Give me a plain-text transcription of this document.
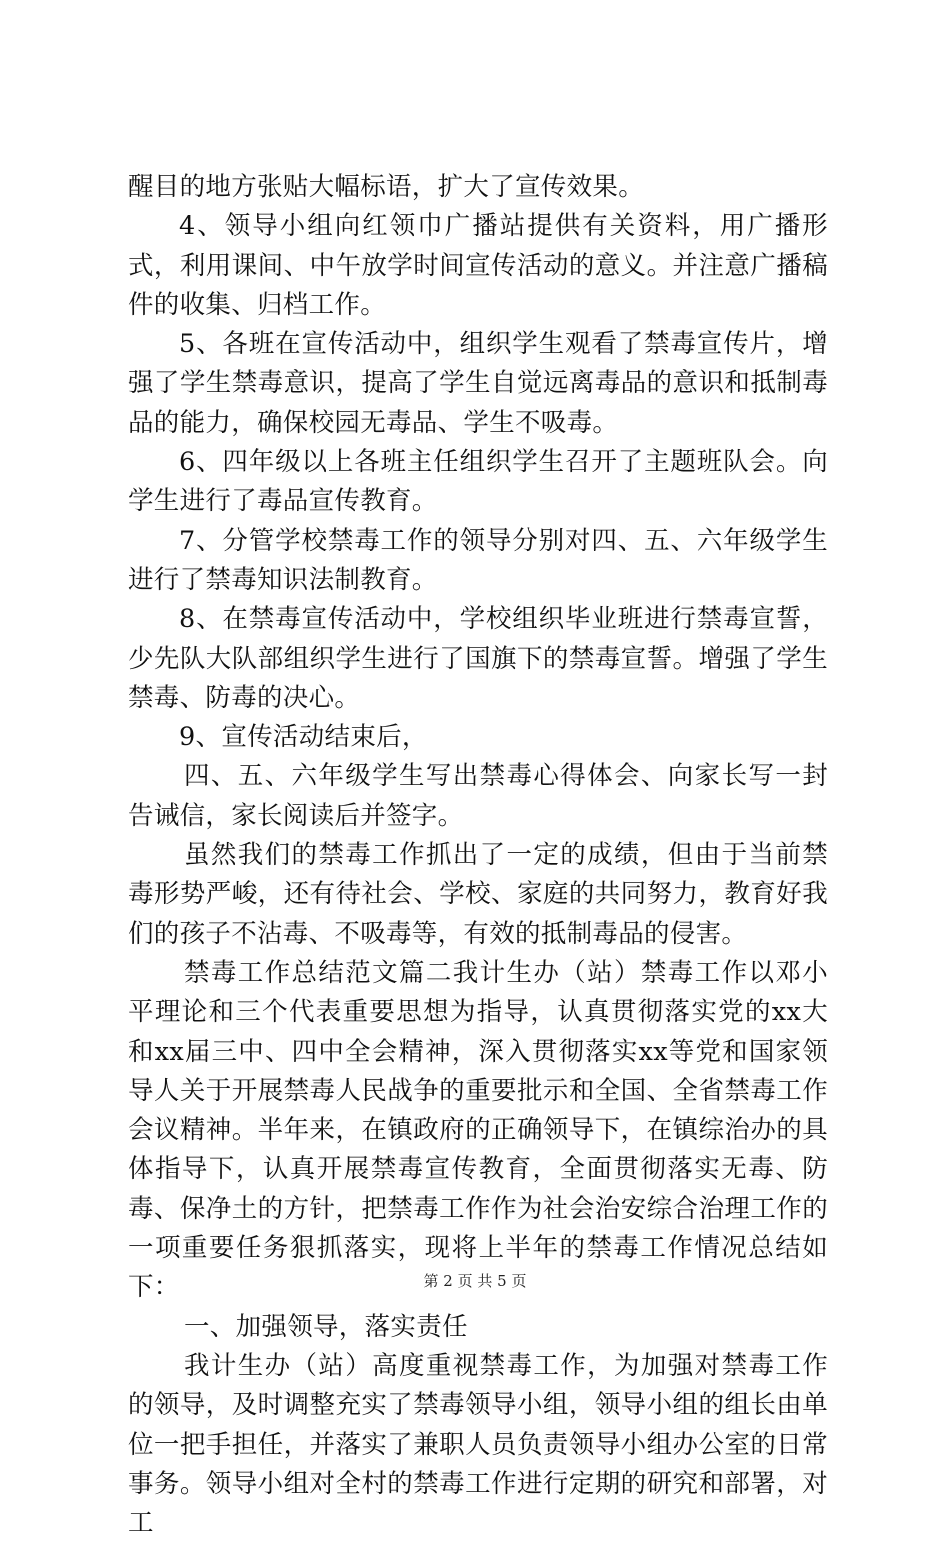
醒目的地方张贴大幅标语，扩大了宣传效果。

4、领导小组向红领巾广播站提供有关资料，用广播形式，利用课间、中午放学时间宣传活动的意义。并注意广播稿件的收集、归档工作。

5、各班在宣传活动中，组织学生观看了禁毒宣传片，增强了学生禁毒意识，提高了学生自觉远离毒品的意识和抵制毒品的能力，确保校园无毒品、学生不吸毒。

6、四年级以上各班主任组织学生召开了主题班队会。向学生进行了毒品宣传教育。

7、分管学校禁毒工作的领导分别对四、五、六年级学生进行了禁毒知识法制教育。

8、在禁毒宣传活动中，学校组织毕业班进行禁毒宣誓，少先队大队部组织学生进行了国旗下的禁毒宣誓。增强了学生禁毒、防毒的决心。

9、宣传活动结束后，

四、五、六年级学生写出禁毒心得体会、向家长写一封告诫信，家长阅读后并签字。

虽然我们的禁毒工作抓出了一定的成绩，但由于当前禁毒形势严峻，还有待社会、学校、家庭的共同努力，教育好我们的孩子不沾毒、不吸毒等，有效的抵制毒品的侵害。

禁毒工作总结范文篇二我计生办（站）禁毒工作以邓小平理论和三个代表重要思想为指导，认真贯彻落实党的xx大和xx届三中、四中全会精神，深入贯彻落实xx等党和国家领导人关于开展禁毒人民战争的重要批示和全国、全省禁毒工作会议精神。半年来，在镇政府的正确领导下，在镇综治办的具体指导下，认真开展禁毒宣传教育，全面贯彻落实无毒、防毒、保净土的方针，把禁毒工作作为社会治安综合治理工作的一项重要任务狠抓落实，现将上半年的禁毒工作情况总结如下：

一、加强领导，落实责任

我计生办（站）高度重视禁毒工作，为加强对禁毒工作的领导，及时调整充实了禁毒领导小组，领导小组的组长由单位一把手担任，并落实了兼职人员负责领导小组办公室的日常事务。领导小组对全村的禁毒工作进行定期的研究和部署，对工

第 2 页 共 5 页
